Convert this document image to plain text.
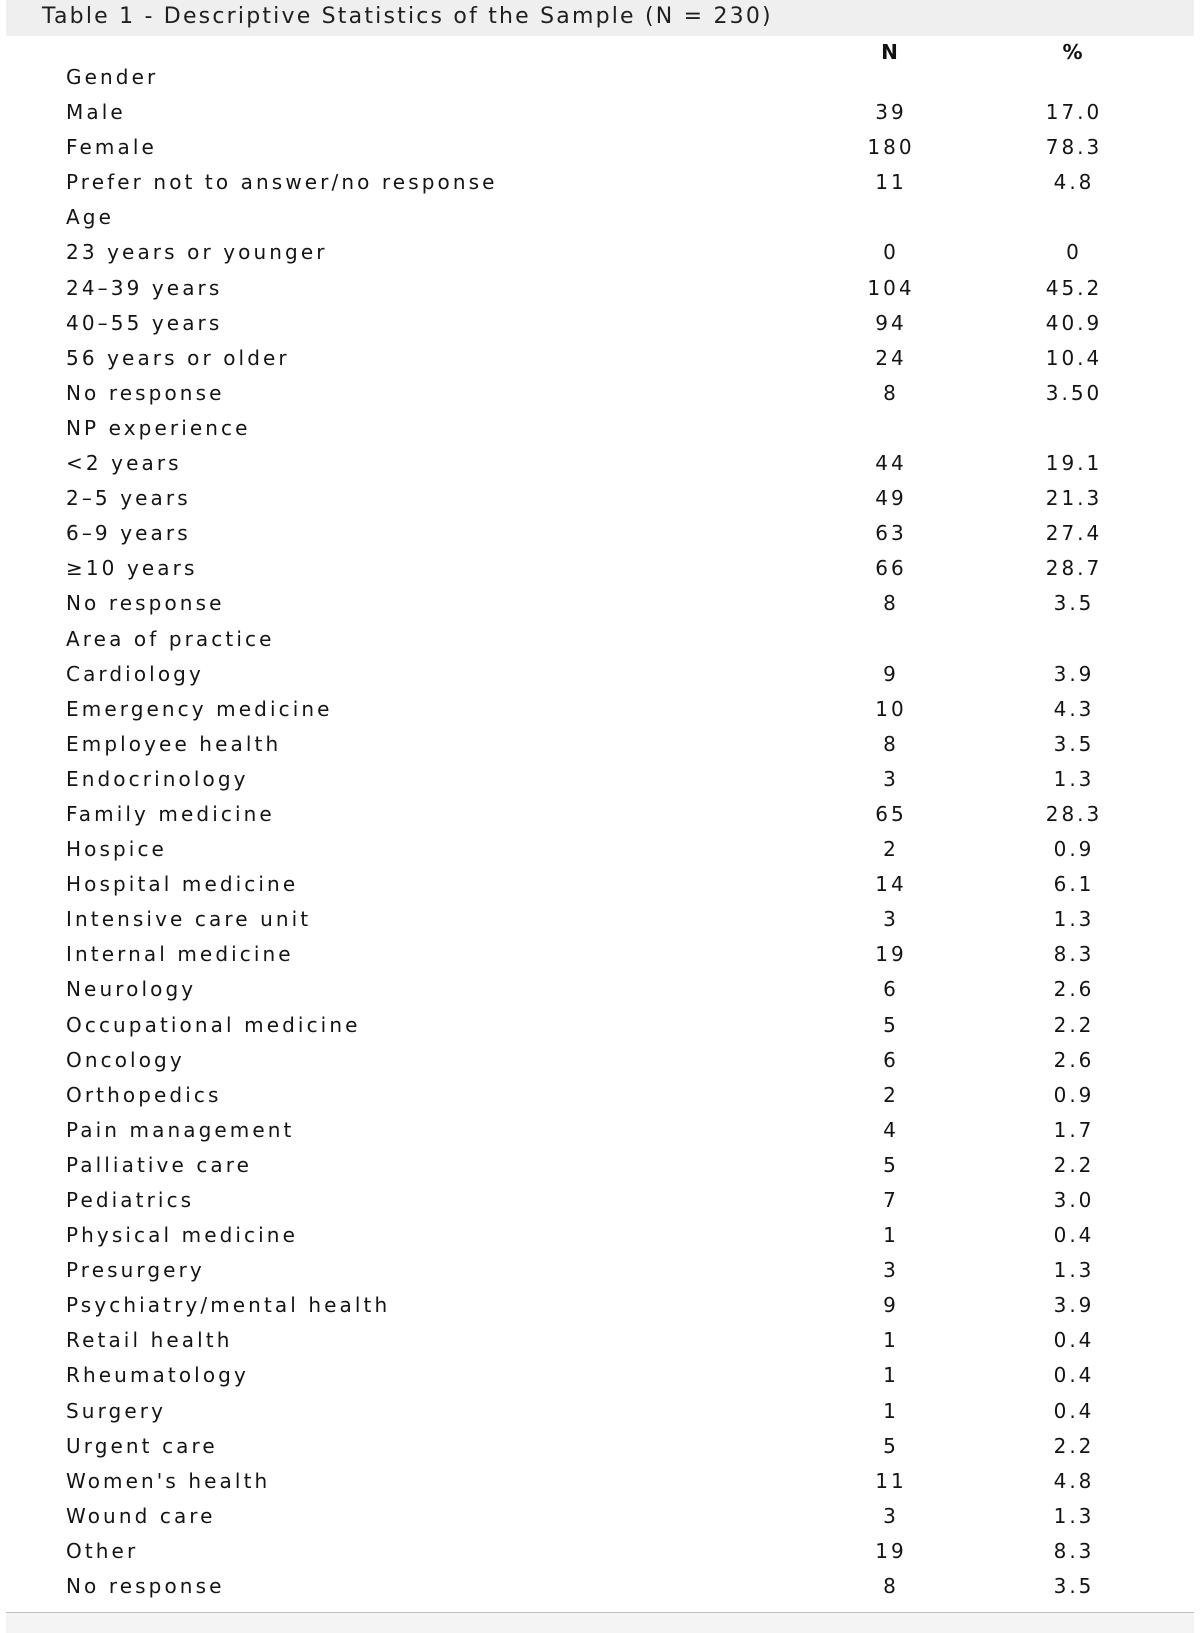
Table 1 - Descriptive Statistics of the Sample (N = 230)
N	%
Gender
Male	39	17.0
Female	180	78.3
Prefer not to answer/no response	11	4.8
Age
23 years or younger	0	0
24–39 years	104	45.2
40–55 years	94	40.9
56 years or older	24	10.4
No response	8	3.50
NP experience
<2 years	44	19.1
2–5 years	49	21.3
6–9 years	63	27.4
≥10 years	66	28.7
No response	8	3.5
Area of practice
Cardiology	9	3.9
Emergency medicine	10	4.3
Employee health	8	3.5
Endocrinology	3	1.3
Family medicine	65	28.3
Hospice	2	0.9
Hospital medicine	14	6.1
Intensive care unit	3	1.3
Internal medicine	19	8.3
Neurology	6	2.6
Occupational medicine	5	2.2
Oncology	6	2.6
Orthopedics	2	0.9
Pain management	4	1.7
Palliative care	5	2.2
Pediatrics	7	3.0
Physical medicine	1	0.4
Presurgery	3	1.3
Psychiatry/mental health	9	3.9
Retail health	1	0.4
Rheumatology	1	0.4
Surgery	1	0.4
Urgent care	5	2.2
Women's health	11	4.8
Wound care	3	1.3
Other	19	8.3
No response	8	3.5
